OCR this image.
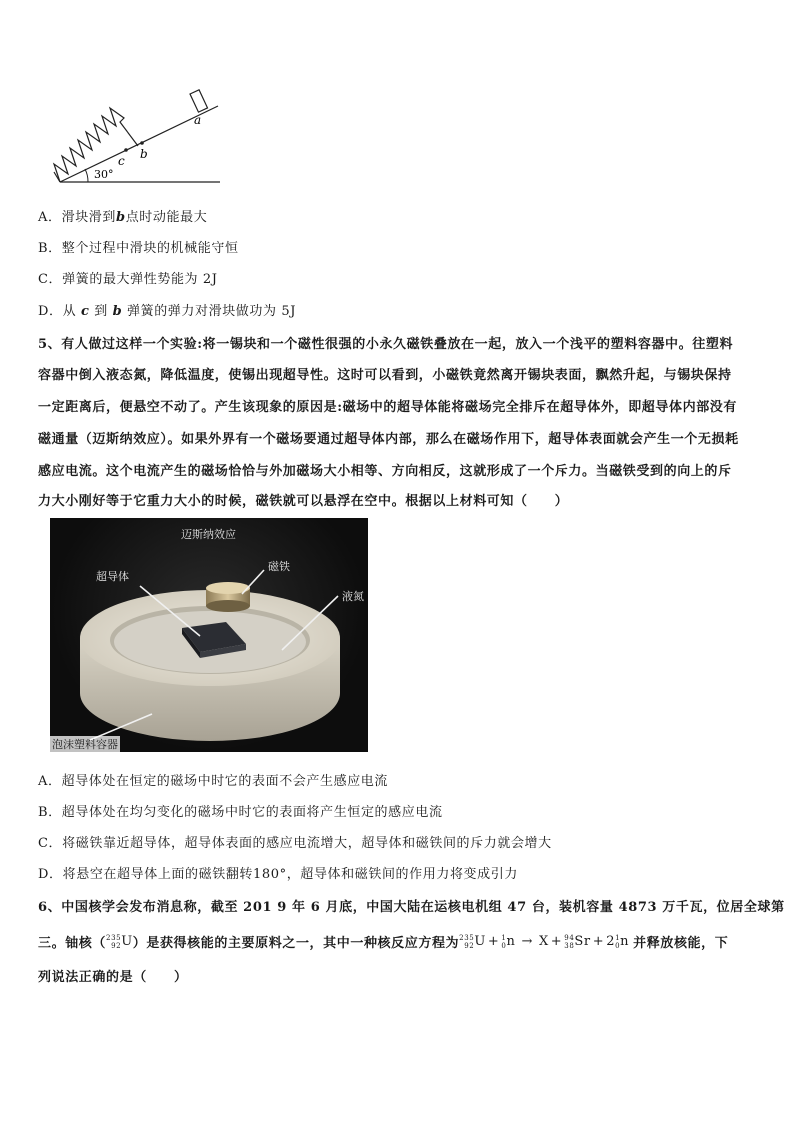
a
b
c
30°
A．滑块滑到b点时动能最大
B．整个过程中滑块的机械能守恒
C．弹簧的最大弹性势能为 2J
D．从 c 到 b 弹簧的弹力对滑块做功为 5J
5、有人做过这样一个实验:将一锡块和一个磁性很强的小永久磁铁叠放在一起，放入一个浅平的塑料容器中。往塑料
容器中倒入液态氮，降低温度，使锡出现超导性。这时可以看到，小磁铁竟然离开锡块表面，飘然升起，与锡块保持
一定距离后，便悬空不动了。产生该现象的原因是:磁场中的超导体能将磁场完全排斥在超导体外，即超导体内部没有
磁通量（迈斯纳效应）。如果外界有一个磁场要通过超导体内部，那么在磁场作用下，超导体表面就会产生一个无损耗
感应电流。这个电流产生的磁场恰恰与外加磁场大小相等、方向相反，这就形成了一个斥力。当磁铁受到的向上的斥
力大小刚好等于它重力大小的时候，磁铁就可以悬浮在空中。根据以上材料可知（　　）
迈斯纳效应
超导体
磁铁
液氮
泡沫塑料容器
A．超导体处在恒定的磁场中时它的表面不会产生感应电流
B．超导体处在均匀变化的磁场中时它的表面将产生恒定的感应电流
C．将磁铁靠近超导体，超导体表面的感应电流增大，超导体和磁铁间的斥力就会增大
D．将悬空在超导体上面的磁铁翻转180°，超导体和磁铁间的作用力将变成引力
6、中国核学会发布消息称，截至 201 9 年 6 月底，中国大陆在运核电机组 47 台，装机容量 4873 万千瓦，位居全球第
三。铀核（ 235
92 U ）是获得核能的主要原料之一，其中一种核反应方程为 235
92 U + 1
0 n → X + 94
38 Sr + 2 1
0 n 并释放核能，下
列说法正确的是（　　）
